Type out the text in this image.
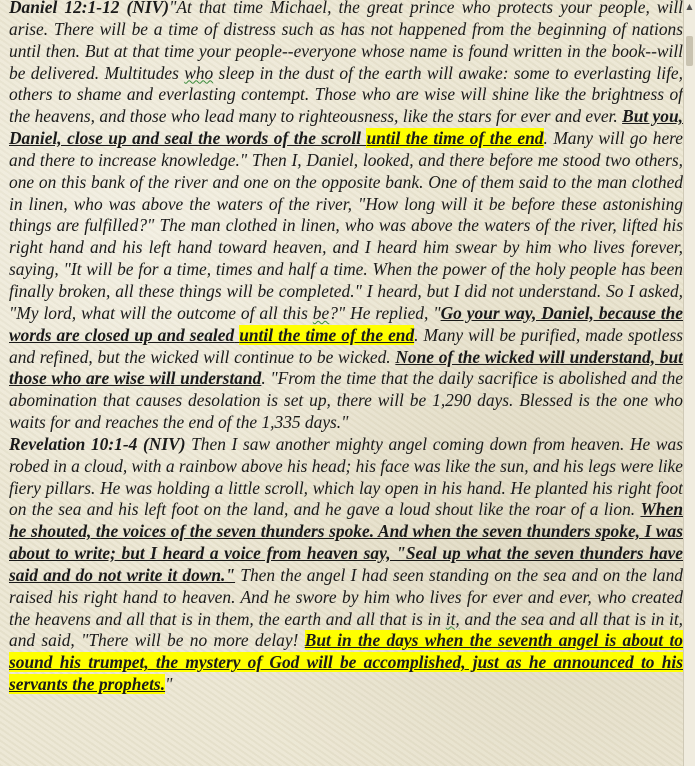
Daniel 12:1-12 (NIV)"At that time Michael, the great prince who protects your people, will arise. There will be a time of distress such as has not happened from the beginning of nations until then. But at that time your people--everyone whose name is found written in the book--will be delivered. Multitudes who sleep in the dust of the earth will awake: some to everlasting life, others to shame and everlasting contempt. Those who are wise will shine like the brightness of the heavens, and those who lead many to righteousness, like the stars for ever and ever. But you, Daniel, close up and seal the words of the scroll until the time of the end. Many will go here and there to increase knowledge." Then I, Daniel, looked, and there before me stood two others, one on this bank of the river and one on the opposite bank. One of them said to the man clothed in linen, who was above the waters of the river, "How long will it be before these astonishing things are fulfilled?" The man clothed in linen, who was above the waters of the river, lifted his right hand and his left hand toward heaven, and I heard him swear by him who lives forever, saying, "It will be for a time, times and half a time. When the power of the holy people has been finally broken, all these things will be completed." I heard, but I did not understand. So I asked, "My lord, what will the outcome of all this be?" He replied, "Go your way, Daniel, because the words are closed up and sealed until the time of the end. Many will be purified, made spotless and refined, but the wicked will continue to be wicked. None of the wicked will understand, but those who are wise will understand. "From the time that the daily sacrifice is abolished and the abomination that causes desolation is set up, there will be 1,290 days. Blessed is the one who waits for and reaches the end of the 1,335 days."
Revelation 10:1-4 (NIV) Then I saw another mighty angel coming down from heaven. He was robed in a cloud, with a rainbow above his head; his face was like the sun, and his legs were like fiery pillars. He was holding a little scroll, which lay open in his hand. He planted his right foot on the sea and his left foot on the land, and he gave a loud shout like the roar of a lion. When he shouted, the voices of the seven thunders spoke. And when the seven thunders spoke, I was about to write; but I heard a voice from heaven say, "Seal up what the seven thunders have said and do not write it down." Then the angel I had seen standing on the sea and on the land raised his right hand to heaven. And he swore by him who lives for ever and ever, who created the heavens and all that is in them, the earth and all that is in it, and the sea and all that is in it, and said, "There will be no more delay! But in the days when the seventh angel is about to sound his trumpet, the mystery of God will be accomplished, just as he announced to his servants the prophets."

▲
